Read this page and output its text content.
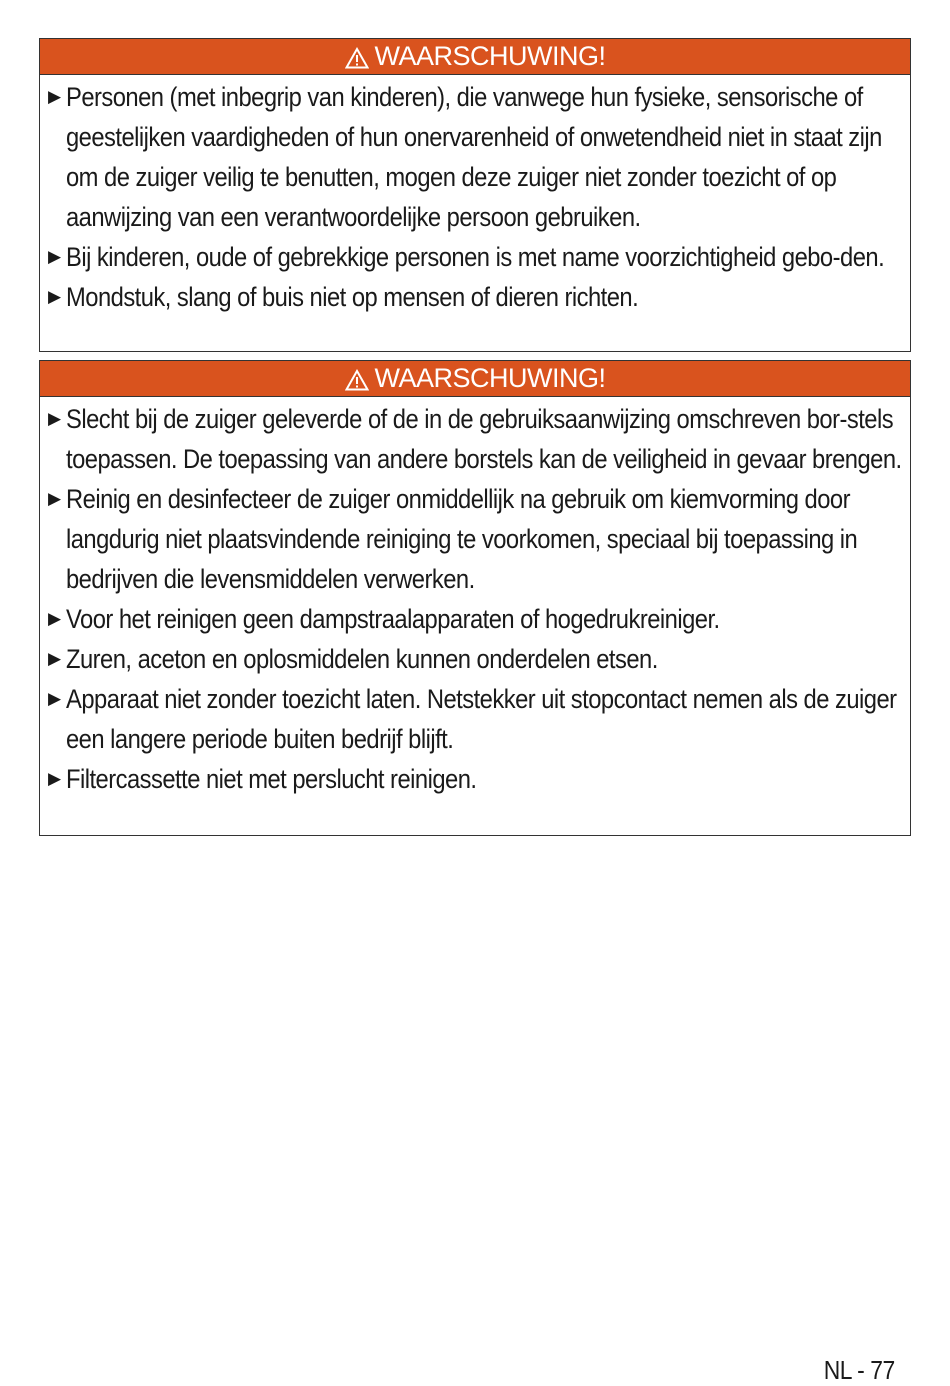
WAARSCHUWING!
▶ Personen (met inbegrip van kinderen), die vanwege hun fysieke, sensorische of geestelijken vaardigheden of hun onervarenheid of onwetendheid niet in staat zijn om de zuiger veilig te benutten, mogen deze zuiger niet zonder toezicht of op aanwijzing van een verantwoordelijke persoon gebruiken.
▶ Bij kinderen, oude of gebrekkige personen is met name voorzichtigheid gebo-den.
▶ Mondstuk, slang of buis niet op mensen of dieren richten.
WAARSCHUWING!
▶ Slecht bij de zuiger geleverde of de in de gebruiksaanwijzing omschreven bor-stels toepassen. De toepassing van andere borstels kan de veiligheid in gevaar brengen.
▶ Reinig en desinfecteer de zuiger onmiddellijk na gebruik om kiemvorming door langdurig niet plaatsvindende reiniging te voorkomen, speciaal bij toepassing in bedrijven die levensmiddelen verwerken.
▶ Voor het reinigen geen dampstraalapparaten of hogedrukreiniger.
▶ Zuren, aceton en oplosmiddelen kunnen onderdelen etsen.
▶ Apparaat niet zonder toezicht laten. Netstekker uit stopcontact nemen als de zuiger een langere periode buiten bedrijf blijft.
▶ Filtercassette niet met perslucht reinigen.
NL - 77
